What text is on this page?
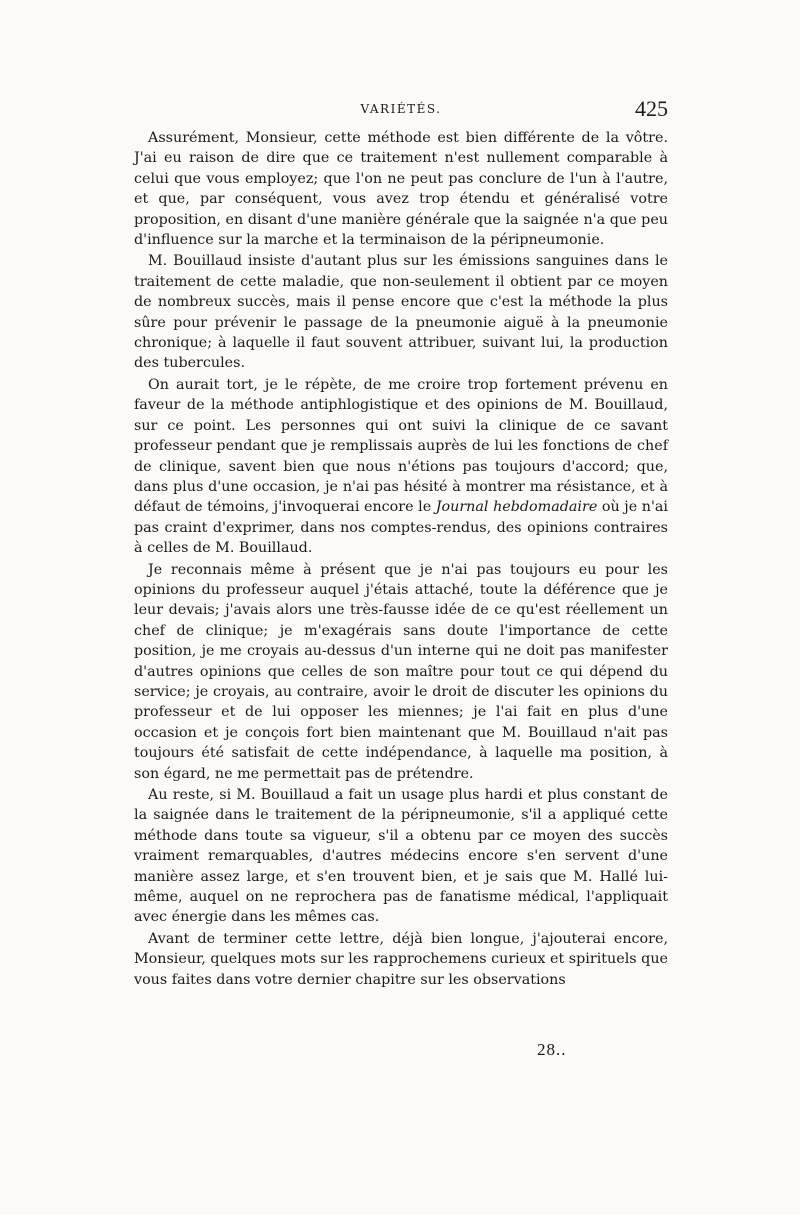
VARIÉTÉS.	425

Assurément, Monsieur, cette méthode est bien différente de la vôtre. J'ai eu raison de dire que ce traitement n'est nullement comparable à celui que vous employez; que l'on ne peut pas conclure de l'un à l'autre, et que, par conséquent, vous avez trop étendu et généralisé votre proposition, en disant d'une manière générale que la saignée n'a que peu d'influence sur la marche et la terminaison de la péripneumonie.

M. Bouillaud insiste d'autant plus sur les émissions sanguines dans le traitement de cette maladie, que non-seulement il obtient par ce moyen de nombreux succès, mais il pense encore que c'est la méthode la plus sûre pour prévenir le passage de la pneumonie aiguë à la pneumonie chronique; à laquelle il faut souvent attribuer, suivant lui, la production des tubercules.

On aurait tort, je le répète, de me croire trop fortement prévenu en faveur de la méthode antiphlogistique et des opinions de M. Bouillaud, sur ce point. Les personnes qui ont suivi la clinique de ce savant professeur pendant que je remplissais auprès de lui les fonctions de chef de clinique, savent bien que nous n'étions pas toujours d'accord; que, dans plus d'une occasion, je n'ai pas hésité à montrer ma résistance, et à défaut de témoins, j'invoquerai encore le Journal hebdomadaire où je n'ai pas craint d'exprimer, dans nos comptes-rendus, des opinions contraires à celles de M. Bouillaud.

Je reconnais même à présent que je n'ai pas toujours eu pour les opinions du professeur auquel j'étais attaché, toute la déférence que je leur devais; j'avais alors une très-fausse idée de ce qu'est réellement un chef de clinique; je m'exagérais sans doute l'importance de cette position, je me croyais au-dessus d'un interne qui ne doit pas manifester d'autres opinions que celles de son maître pour tout ce qui dépend du service; je croyais, au contraire, avoir le droit de discuter les opinions du professeur et de lui opposer les miennes; je l'ai fait en plus d'une occasion et je conçois fort bien maintenant que M. Bouillaud n'ait pas toujours été satisfait de cette indépendance, à laquelle ma position, à son égard, ne me permettait pas de prétendre.

Au reste, si M. Bouillaud a fait un usage plus hardi et plus constant de la saignée dans le traitement de la péripneumonie, s'il a appliqué cette méthode dans toute sa vigueur, s'il a obtenu par ce moyen des succès vraiment remarquables, d'autres médecins encore s'en servent d'une manière assez large, et s'en trouvent bien, et je sais que M. Hallé lui-même, auquel on ne reprochera pas de fanatisme médical, l'appliquait avec énergie dans les mêmes cas.

Avant de terminer cette lettre, déjà bien longue, j'ajouterai encore, Monsieur, quelques mots sur les rapprochemens curieux et spirituels que vous faites dans votre dernier chapitre sur les observations

28..
